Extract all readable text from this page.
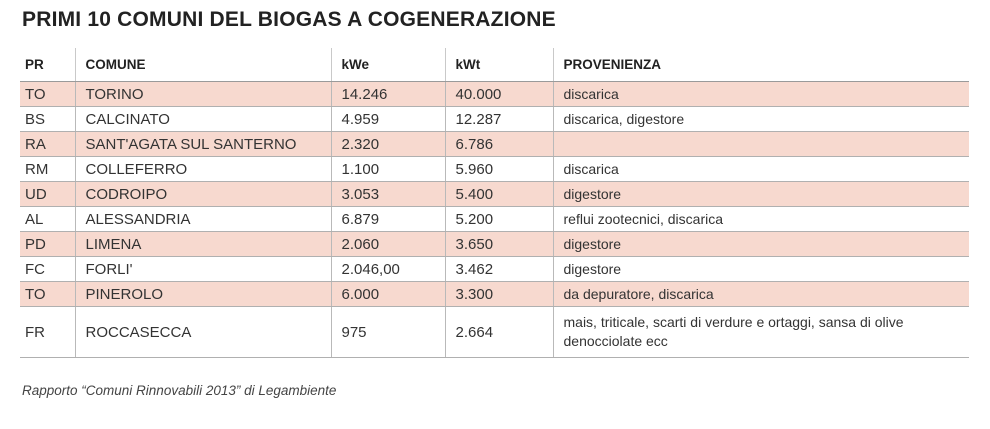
PRIMI 10 COMUNI DEL BIOGAS A COGENERAZIONE
PR	COMUNE	kWe	kWt	PROVENIENZA
TO	TORINO	14.246	40.000	discarica
BS	CALCINATO	4.959	12.287	discarica, digestore
RA	SANT'AGATA SUL SANTERNO	2.320	6.786	
RM	COLLEFERRO	1.100	5.960	discarica
UD	CODROIPO	3.053	5.400	digestore
AL	ALESSANDRIA	6.879	5.200	reflui zootecnici, discarica
PD	LIMENA	2.060	3.650	digestore
FC	FORLI'	2.046,00	3.462	digestore
TO	PINEROLO	6.000	3.300	da depuratore, discarica
FR	ROCCASECCA	975	2.664	mais, triticale, scarti di verdure e ortaggi, sansa di olive denocciolate ecc
Rapporto “Comuni Rinnovabili 2013” di Legambiente
